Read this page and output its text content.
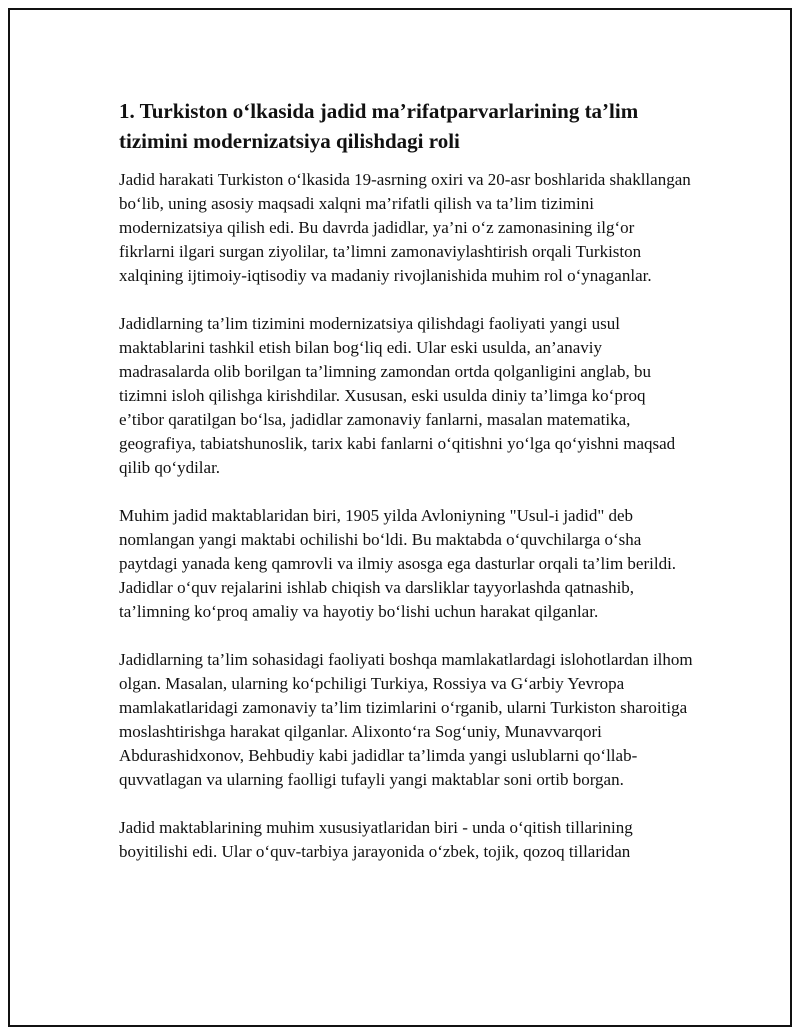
1. Turkiston o‘lkasida jadid ma’rifatparvarlarining ta’lim tizimini modernizatsiya qilishdagi roli

Jadid harakati Turkiston o‘lkasida 19-asrning oxiri va 20-asr boshlarida shakllangan bo‘lib, uning asosiy maqsadi xalqni ma’rifatli qilish va ta’lim tizimini modernizatsiya qilish edi. Bu davrda jadidlar, ya’ni o‘z zamonasining ilg‘or fikrlarni ilgari surgan ziyolilar, ta’limni zamonaviylashtirish orqali Turkiston xalqining ijtimoiy-iqtisodiy va madaniy rivojlanishida muhim rol o‘ynaganlar.

Jadidlarning ta’lim tizimini modernizatsiya qilishdagi faoliyati yangi usul maktablarini tashkil etish bilan bog‘liq edi. Ular eski usulda, an’anaviy madrasalarda olib borilgan ta’limning zamondan ortda qolganligini anglab, bu tizimni isloh qilishga kirishdilar. Xususan, eski usulda diniy ta’limga ko‘proq e’tibor qaratilgan bo‘lsa, jadidlar zamonaviy fanlarni, masalan matematika, geografiya, tabiatshunoslik, tarix kabi fanlarni o‘qitishni yo‘lga qo‘yishni maqsad qilib qo‘ydilar.

Muhim jadid maktablaridan biri, 1905 yilda Avloniyning "Usul-i jadid" deb nomlangan yangi maktabi ochilishi bo‘ldi. Bu maktabda o‘quvchilarga o‘sha paytdagi yanada keng qamrovli va ilmiy asosga ega dasturlar orqali ta’lim berildi. Jadidlar o‘quv rejalarini ishlab chiqish va darsliklar tayyorlashda qatnashib, ta’limning ko‘proq amaliy va hayotiy bo‘lishi uchun harakat qilganlar.

Jadidlarning ta’lim sohasidagi faoliyati boshqa mamlakatlardagi islohotlardan ilhom olgan. Masalan, ularning ko‘pchiligi Turkiya, Rossiya va G‘arbiy Yevropa mamlakatlaridagi zamonaviy ta’lim tizimlarini o‘rganib, ularni Turkiston sharoitiga moslashtirishga harakat qilganlar. Alixonto‘ra Sog‘uniy, Munavvarqori Abdurashidxonov, Behbudiy kabi jadidlar ta’limda yangi uslublarni qo‘llab-quvvatlagan va ularning faolligi tufayli yangi maktablar soni ortib borgan.

Jadid maktablarining muhim xususiyatlaridan biri - unda o‘qitish tillarining boyitilishi edi. Ular o‘quv-tarbiya jarayonida o‘zbek, tojik, qozoq tillaridan
